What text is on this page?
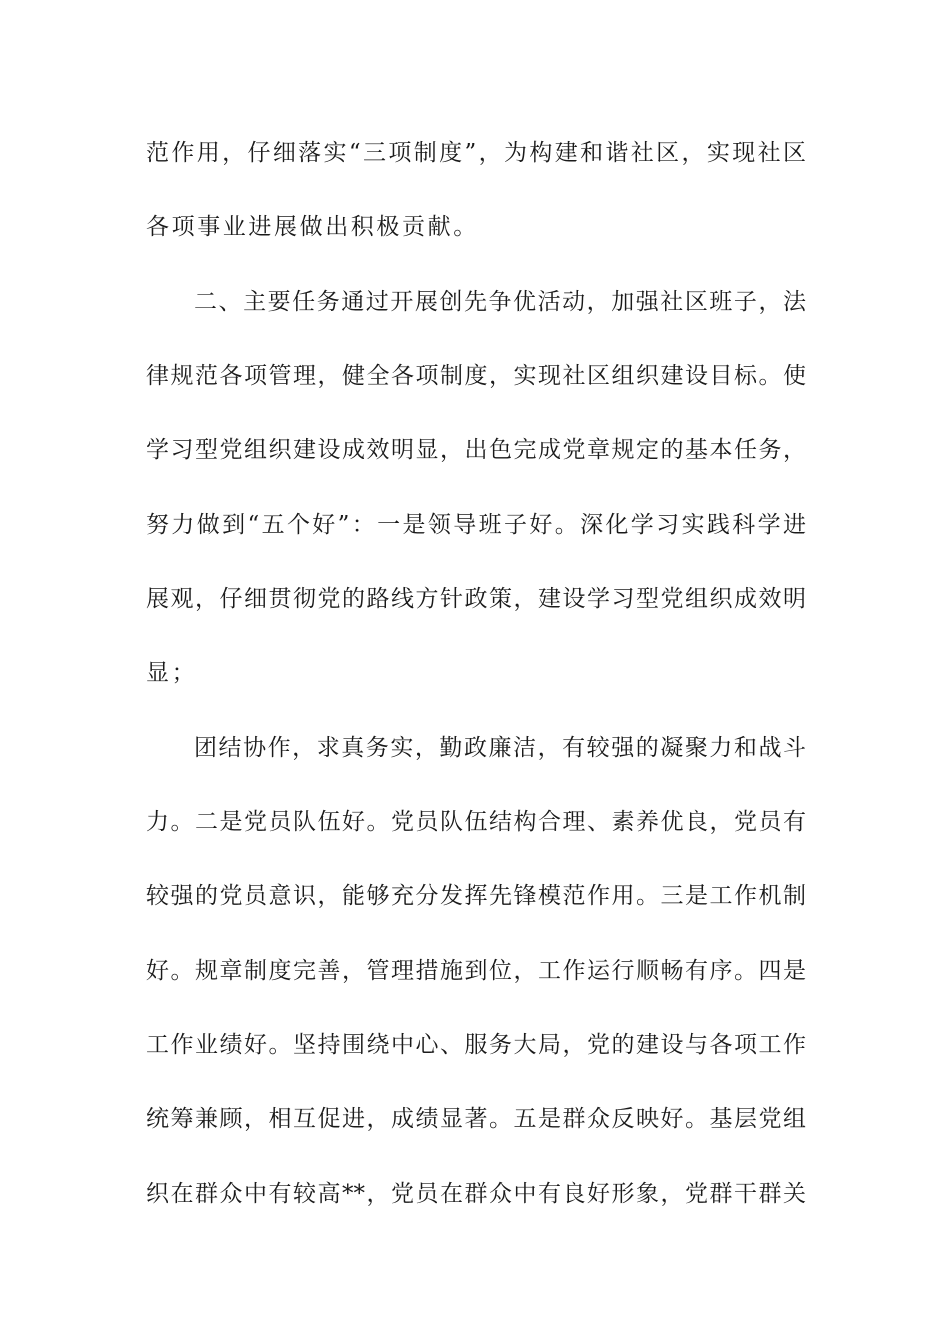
范作用，仔细落实“三项制度”，为构建和谐社区，实现社区
各项事业进展做出积极贡献。
二、主要任务通过开展创先争优活动，加强社区班子，法
律规范各项管理，健全各项制度，实现社区组织建设目标。使
学习型党组织建设成效明显，出色完成党章规定的基本任务，
努力做到“五个好”：一是领导班子好。深化学习实践科学进
展观，仔细贯彻党的路线方针政策，建设学习型党组织成效明
显；
团结协作，求真务实，勤政廉洁，有较强的凝聚力和战斗
力。二是党员队伍好。党员队伍结构合理、素养优良，党员有
较强的党员意识，能够充分发挥先锋模范作用。三是工作机制
好。规章制度完善，管理措施到位，工作运行顺畅有序。四是
工作业绩好。坚持围绕中心、服务大局，党的建设与各项工作
统筹兼顾，相互促进，成绩显著。五是群众反映好。基层党组
织在群众中有较高**，党员在群众中有良好形象，党群干群关
